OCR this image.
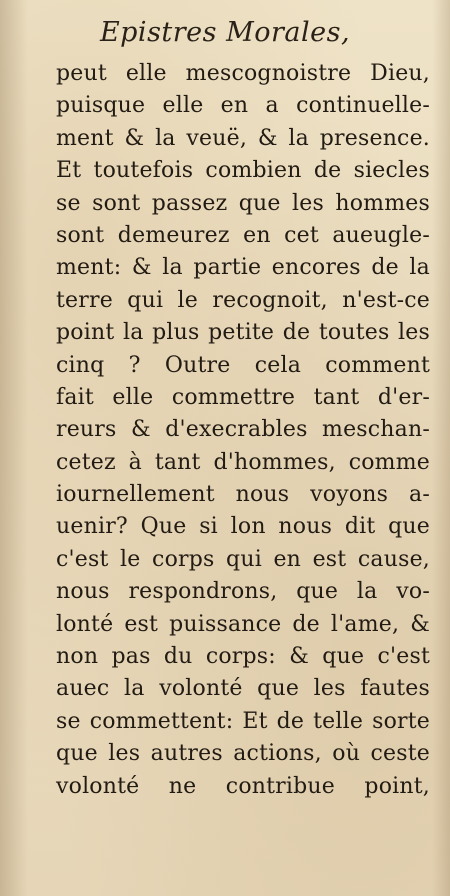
Epistres Morales,
peut elle mescognoistre Dieu,
puisque elle en a continuelle-
ment & la veuë, & la presence.
Et toutefois combien de siecles
se sont passez que les hommes
sont demeurez en cet aueugle-
ment: & la partie encores de la
terre qui le recognoit, n'est-ce
point la plus petite de toutes les
cinq ? Outre cela comment
fait elle commettre tant d'er-
reurs & d'execrables meschan-
cetez à tant d'hommes, comme
iournellement nous voyons a-
uenir? Que si lon nous dit que
c'est le corps qui en est cause,
nous respondrons, que la vo-
lonté est puissance de l'ame, &
non pas du corps: & que c'est
auec la volonté que les fautes
se commettent: Et de telle sorte
que les autres actions, où ceste
volonté ne contribue point,
